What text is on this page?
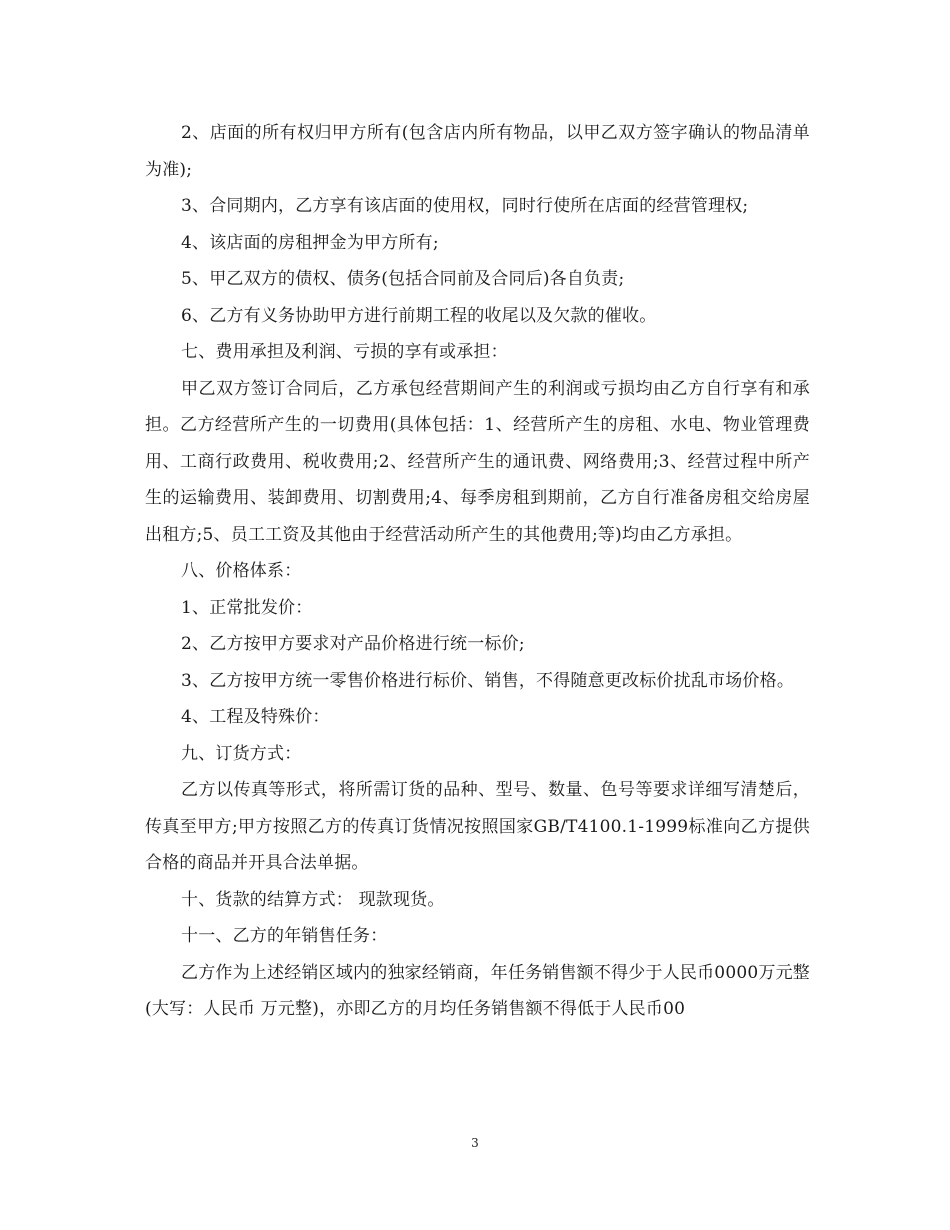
2、店面的所有权归甲方所有(包含店内所有物品，以甲乙双方签字确认的物品清单为准);

3、合同期内，乙方享有该店面的使用权，同时行使所在店面的经营管理权;

4、该店面的房租押金为甲方所有;

5、甲乙双方的债权、债务(包括合同前及合同后)各自负责;

6、乙方有义务协助甲方进行前期工程的收尾以及欠款的催收。

七、费用承担及利润、亏损的享有或承担：

甲乙双方签订合同后，乙方承包经营期间产生的利润或亏损均由乙方自行享有和承担。乙方经营所产生的一切费用(具体包括：1、经营所产生的房租、水电、物业管理费用、工商行政费用、税收费用;2、经营所产生的通讯费、网络费用;3、经营过程中所产生的运输费用、装卸费用、切割费用;4、每季房租到期前，乙方自行准备房租交给房屋出租方;5、员工工资及其他由于经营活动所产生的其他费用;等)均由乙方承担。

八、价格体系：

1、正常批发价：

2、乙方按甲方要求对产品价格进行统一标价;

3、乙方按甲方统一零售价格进行标价、销售，不得随意更改标价扰乱市场价格。

4、工程及特殊价：

九、订货方式：

乙方以传真等形式，将所需订货的品种、型号、数量、色号等要求详细写清楚后，传真至甲方;甲方按照乙方的传真订货情况按照国家GB/T4100.1-1999标准向乙方提供合格的商品并开具合法单据。

十、货款的结算方式： 现款现货。

十一、乙方的年销售任务：

乙方作为上述经销区域内的独家经销商，年任务销售额不得少于人民币0000万元整(大写：人民币 万元整)，亦即乙方的月均任务销售额不得低于人民币00

3
